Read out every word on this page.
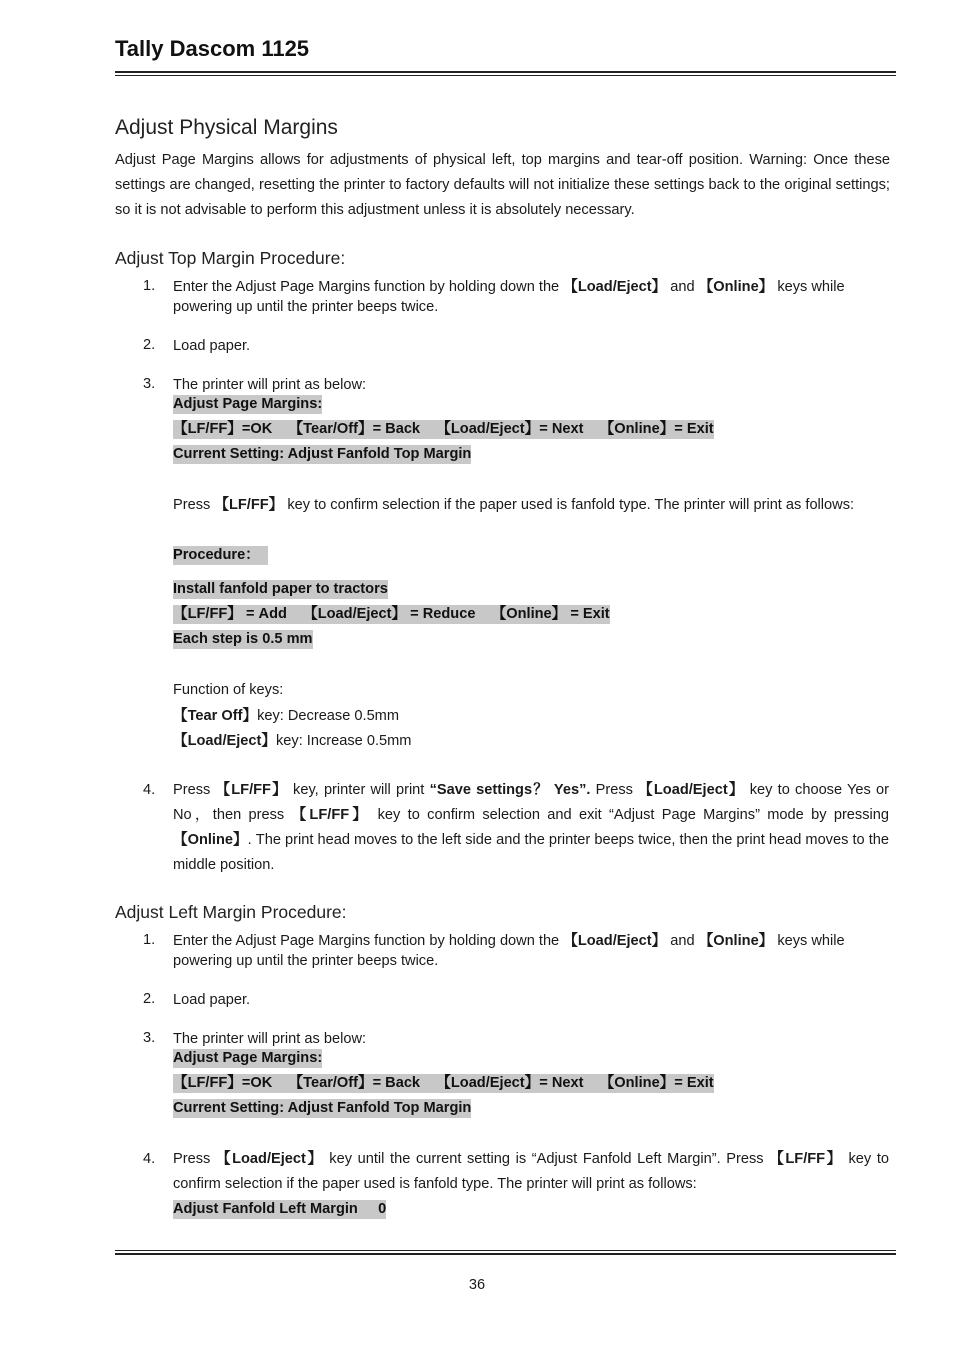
Tally Dascom 1125
Adjust Physical Margins
Adjust Page Margins allows for adjustments of physical left, top margins and tear-off position. Warning: Once these settings are changed, resetting the printer to factory defaults will not initialize these settings back to the original settings; so it is not advisable to perform this adjustment unless it is absolutely necessary.
Adjust Top Margin Procedure:
1. Enter the Adjust Page Margins function by holding down the 【Load/Eject】 and 【Online】 keys while powering up until the printer beeps twice.
2. Load paper.
3. The printer will print as below:
Adjust Page Margins:
【LF/FF】=OK    【Tear/Off】= Back    【Load/Eject】= Next    【Online】= Exit
Current Setting: Adjust Fanfold Top Margin
Press 【LF/FF】 key to confirm selection if the paper used is fanfold type. The printer will print as follows:
Procedure：
Install fanfold paper to tractors
【LF/FF】 = Add    【Load/Eject】 = Reduce    【Online】 = Exit
Each step is 0.5 mm
Function of keys:
【Tear Off】key: Decrease 0.5mm
【Load/Eject】key: Increase 0.5mm
4. Press 【LF/FF】 key, printer will print “Save settings？ Yes”. Press 【Load/Eject】 key to choose Yes or No，then press 【LF/FF】 key to confirm selection and exit “Adjust Page Margins” mode by pressing 【Online】. The print head moves to the left side and the printer beeps twice, then the print head moves to the middle position.
Adjust Left Margin Procedure:
1. Enter the Adjust Page Margins function by holding down the 【Load/Eject】 and 【Online】 keys while powering up until the printer beeps twice.
2. Load paper.
3. The printer will print as below:
Adjust Page Margins:
【LF/FF】=OK    【Tear/Off】= Back    【Load/Eject】= Next    【Online】= Exit
Current Setting: Adjust Fanfold Top Margin
4. Press 【Load/Eject】 key until the current setting is “Adjust Fanfold Left Margin”. Press 【LF/FF】 key to confirm selection if the paper used is fanfold type. The printer will print as follows:
Adjust Fanfold Left Margin     0
36
